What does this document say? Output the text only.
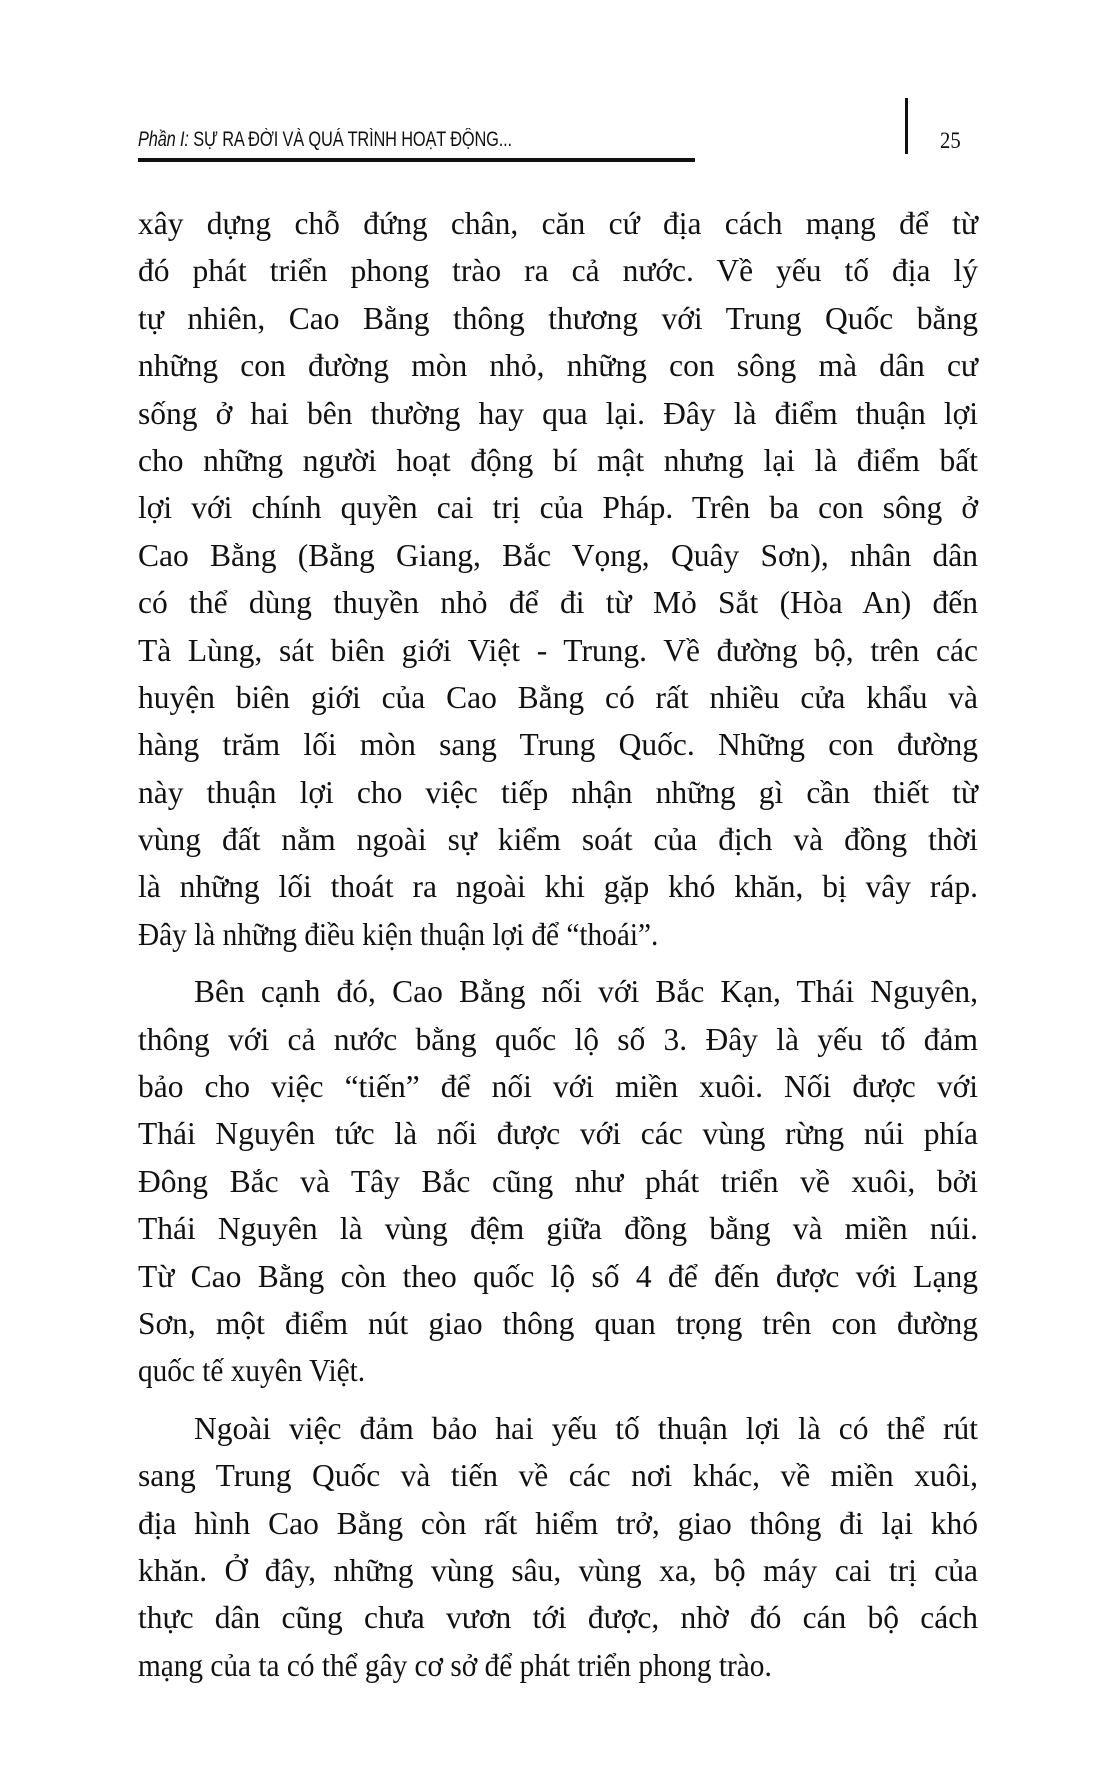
Phần I: SỰ RA ĐỜI VÀ QUÁ TRÌNH HOẠT ĐỘNG...	25
xây dựng chỗ đứng chân, căn cứ địa cách mạng để từ
đó phát triển phong trào ra cả nước. Về yếu tố địa lý
tự nhiên, Cao Bằng thông thương với Trung Quốc bằng
những con đường mòn nhỏ, những con sông mà dân cư
sống ở hai bên thường hay qua lại. Đây là điểm thuận lợi
cho những người hoạt động bí mật nhưng lại là điểm bất
lợi với chính quyền cai trị của Pháp. Trên ba con sông ở
Cao Bằng (Bằng Giang, Bắc Vọng, Quây Sơn), nhân dân
có thể dùng thuyền nhỏ để đi từ Mỏ Sắt (Hòa An) đến
Tà Lùng, sát biên giới Việt - Trung. Về đường bộ, trên các
huyện biên giới của Cao Bằng có rất nhiều cửa khẩu và
hàng trăm lối mòn sang Trung Quốc. Những con đường
này thuận lợi cho việc tiếp nhận những gì cần thiết từ
vùng đất nằm ngoài sự kiểm soát của địch và đồng thời
là những lối thoát ra ngoài khi gặp khó khăn, bị vây ráp.
Đây là những điều kiện thuận lợi để “thoái”.
Bên cạnh đó, Cao Bằng nối với Bắc Kạn, Thái Nguyên,
thông với cả nước bằng quốc lộ số 3. Đây là yếu tố đảm
bảo cho việc “tiến” để nối với miền xuôi. Nối được với
Thái Nguyên tức là nối được với các vùng rừng núi phía
Đông Bắc và Tây Bắc cũng như phát triển về xuôi, bởi
Thái Nguyên là vùng đệm giữa đồng bằng và miền núi.
Từ Cao Bằng còn theo quốc lộ số 4 để đến được với Lạng
Sơn, một điểm nút giao thông quan trọng trên con đường
quốc tế xuyên Việt.
Ngoài việc đảm bảo hai yếu tố thuận lợi là có thể rút
sang Trung Quốc và tiến về các nơi khác, về miền xuôi,
địa hình Cao Bằng còn rất hiểm trở, giao thông đi lại khó
khăn. Ở đây, những vùng sâu, vùng xa, bộ máy cai trị của
thực dân cũng chưa vươn tới được, nhờ đó cán bộ cách
mạng của ta có thể gây cơ sở để phát triển phong trào.
